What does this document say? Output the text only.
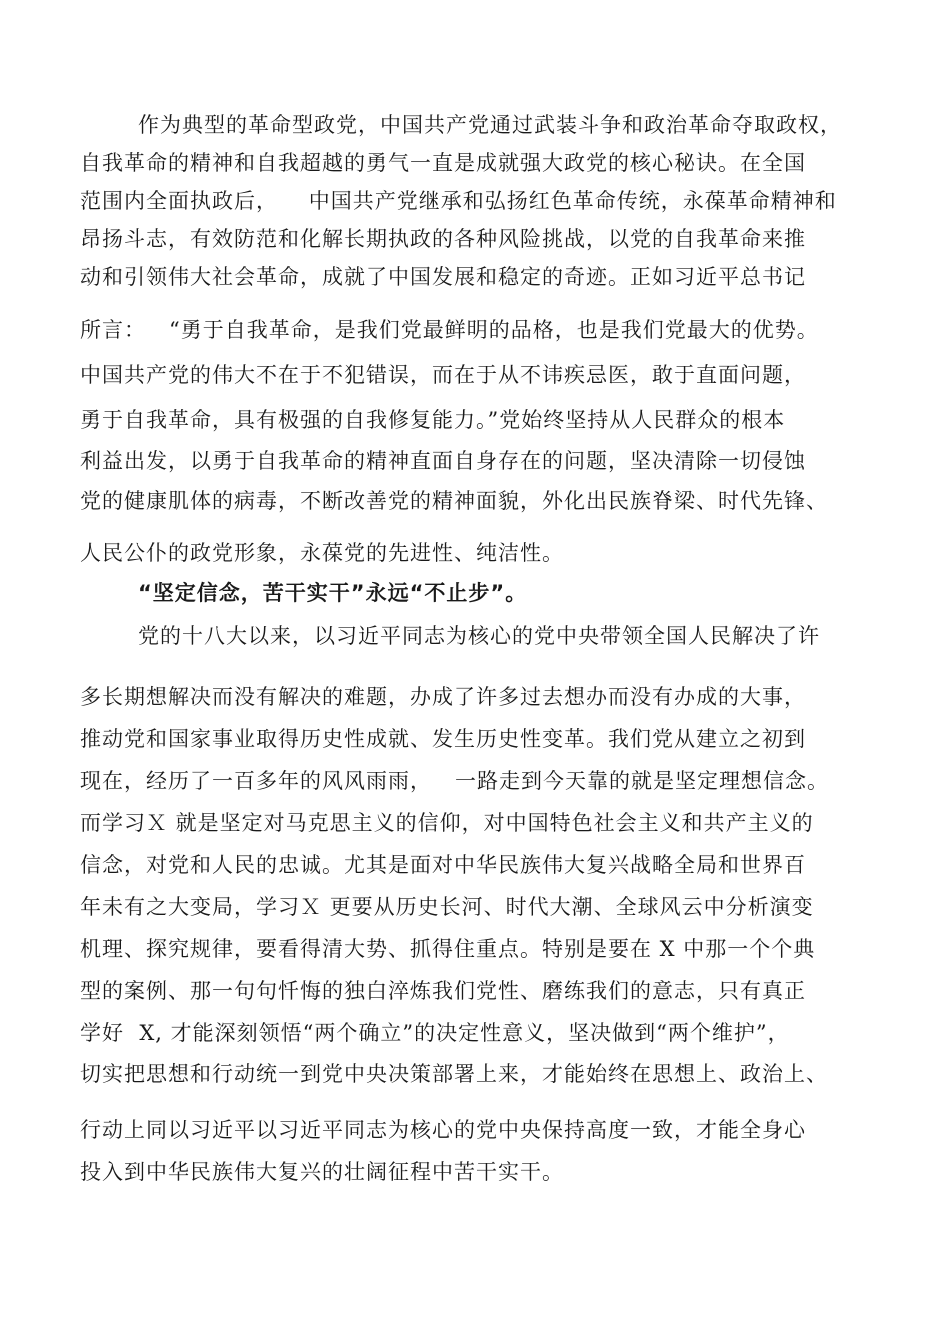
作为典型的革命型政党，中国共产党通过武装斗争和政治革命夺取政权，
自我革命的精神和自我超越的勇气一直是成就强大政党的核心秘诀。在全国
范围内全面执政后，    中国共产党继承和弘扬红色革命传统，永葆革命精神和
昂扬斗志，有效防范和化解长期执政的各种风险挑战，以党的自我革命来推
动和引领伟大社会革命，成就了中国发展和稳定的奇迹。正如习近平总书记
所言：   “勇于自我革命，是我们党最鲜明的品格，也是我们党最大的优势。
中国共产党的伟大不在于不犯错误，而在于从不讳疾忌医，敢于直面问题，
勇于自我革命，具有极强的自我修复能力。”党始终坚持从人民群众的根本
利益出发，以勇于自我革命的精神直面自身存在的问题，坚决清除一切侵蚀
党的健康肌体的病毒，不断改善党的精神面貌，外化出民族脊梁、时代先锋、
人民公仆的政党形象，永葆党的先进性、纯洁性。
“坚定信念，苦干实干”永远“不止步”。
党的十八大以来，以习近平同志为核心的党中央带领全国人民解决了许
多长期想解决而没有解决的难题，办成了许多过去想办而没有办成的大事，
推动党和国家事业取得历史性成就、发生历史性变革。我们党从建立之初到
现在，经历了一百多年的风风雨雨，   一路走到今天靠的就是坚定理想信念。
而学习Ｘ 就是坚定对马克思主义的信仰，对中国特色社会主义和共产主义的
信念，对党和人民的忠诚。尤其是面对中华民族伟大复兴战略全局和世界百
年未有之大变局，学习Ｘ 更要从历史长河、时代大潮、全球风云中分析演变
机理、探究规律，要看得清大势、抓得住重点。特别是要在 X 中那一个个典
型的案例、那一句句忏悔的独白淬炼我们党性、磨练我们的意志，只有真正
学好  X, 才能深刻领悟“两个确立”的决定性意义，坚决做到“两个维护”，
切实把思想和行动统一到党中央决策部署上来，才能始终在思想上、政治上、
行动上同以习近平以习近平同志为核心的党中央保持高度一致，才能全身心
投入到中华民族伟大复兴的壮阔征程中苦干实干。
